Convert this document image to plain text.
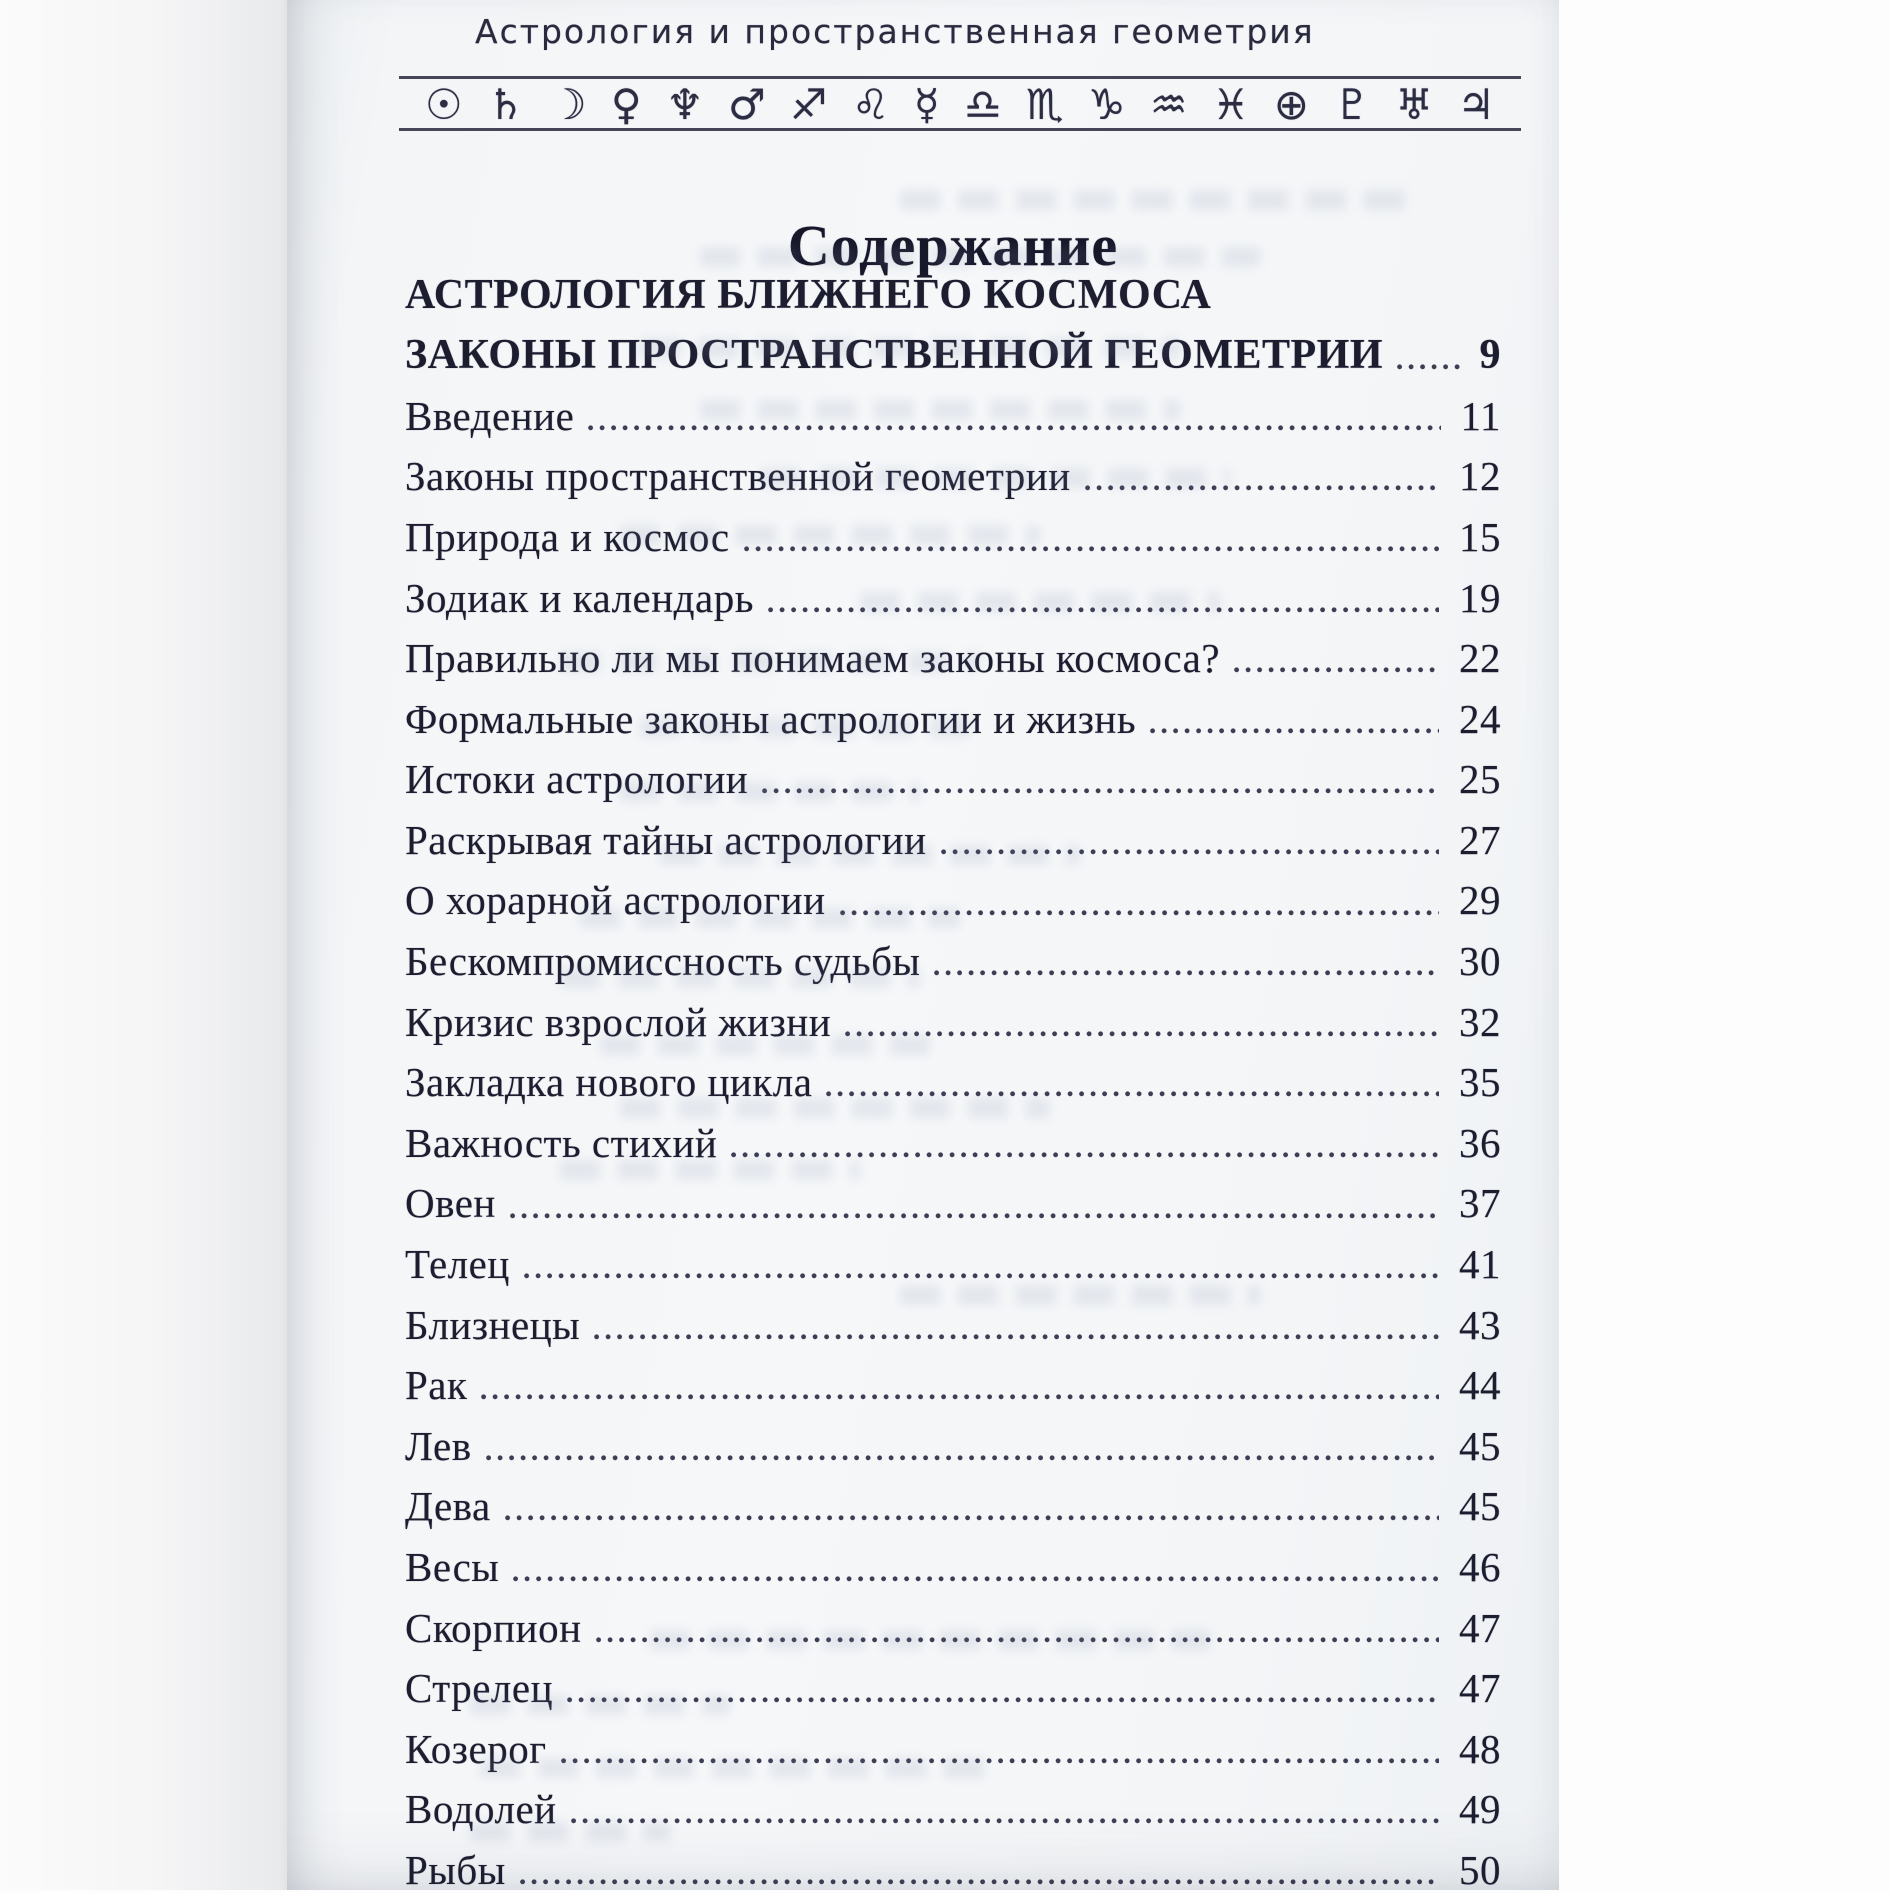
Астрология и пространственная геометрия
☉ ♄ ☽ ♀ ♆ ♂ ♐ ♌ ☿ ♎ ♏ ♑ ♒ ♓ ⊕ ♇ ♅ ♃
Содержание
АСТРОЛОГИЯ БЛИЖНЕГО КОСМОСА
ЗАКОНЫ ПРОСТРАНСТВЕННОЙ ГЕОМЕТРИИ 9
Введение	11
Законы пространственной геометрии	12
Природа и космос	15
Зодиак и календарь	19
Правильно ли мы понимаем законы космоса?	22
Формальные законы астрологии и жизнь	24
Истоки астрологии	25
Раскрывая тайны астрологии	27
О хорарной астрологии	29
Бескомпромиссность судьбы	30
Кризис взрослой жизни	32
Закладка нового цикла	35
Важность стихий	36
Овен	37
Телец	41
Близнецы	43
Рак	44
Лев	45
Дева	45
Весы	46
Скорпион	47
Стрелец	47
Козерог	48
Водолей	49
Рыбы	50
